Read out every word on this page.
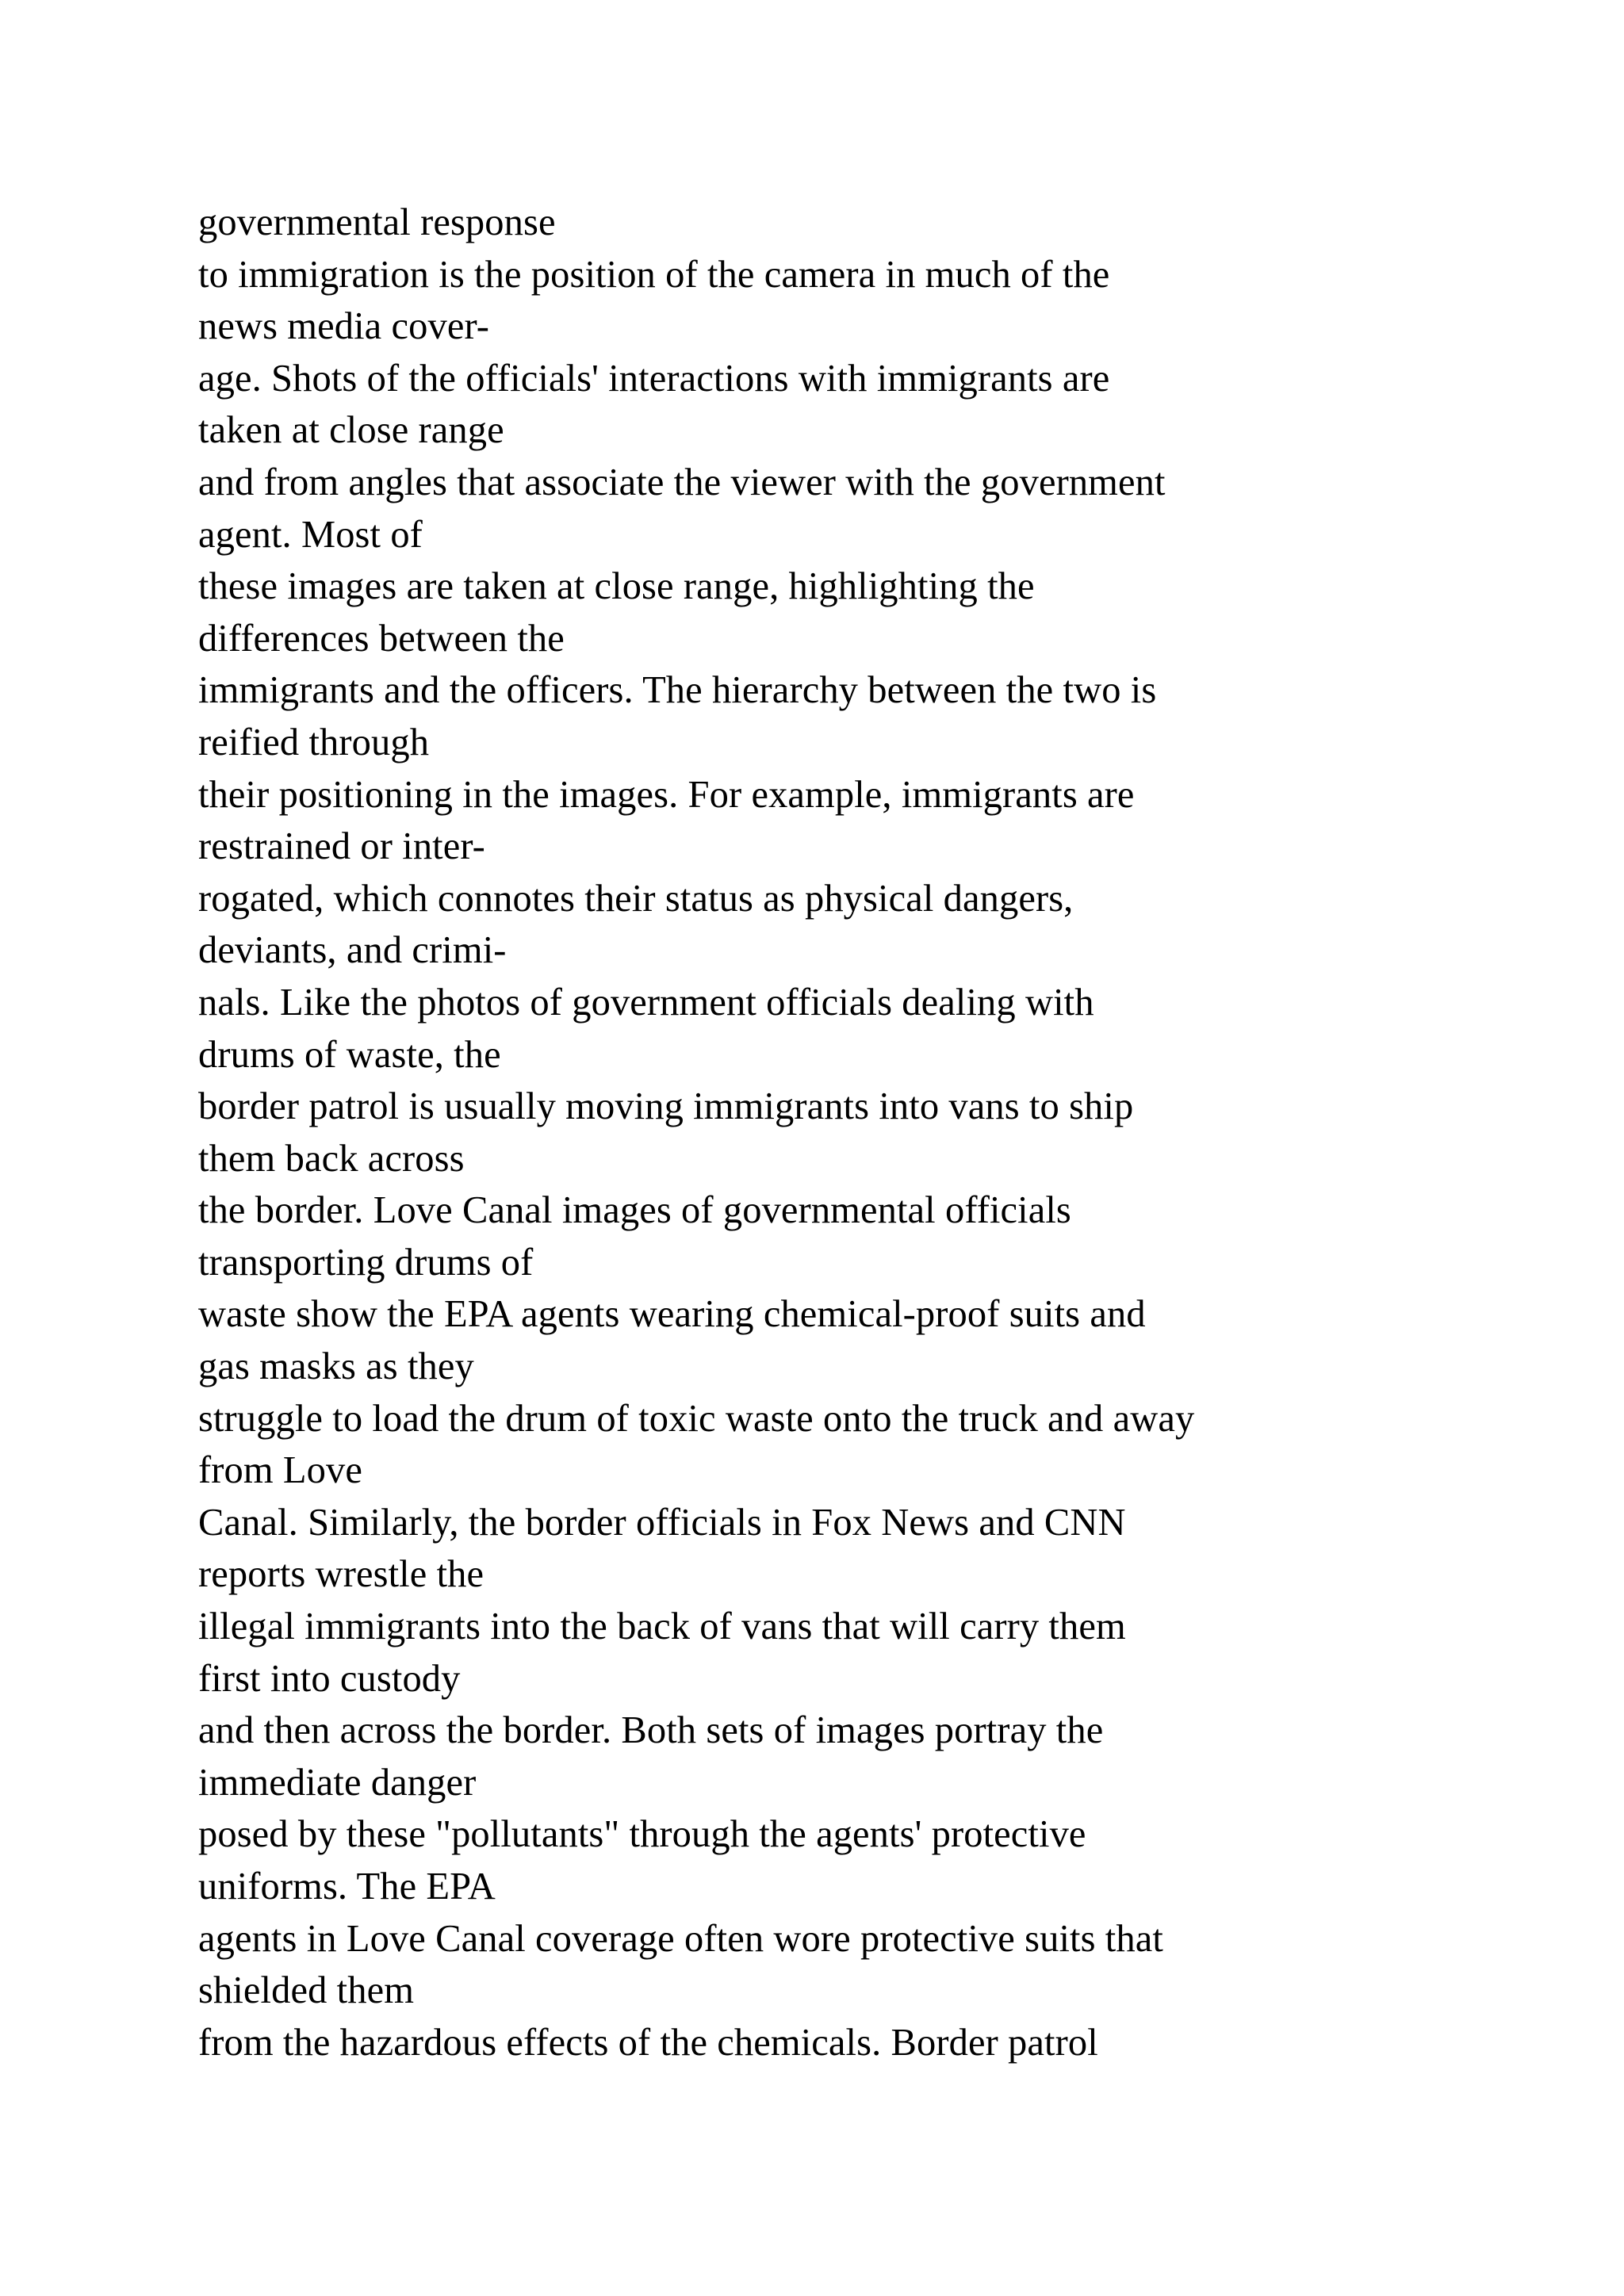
governmental response
to immigration is the position of the camera in much of the
news media cover-
age. Shots of the officials' interactions with immigrants are
taken at close range
and from angles that associate the viewer with the government
agent. Most of
these images are taken at close range, highlighting the
differences between the
immigrants and the officers. The hierarchy between the two is
reified through
their positioning in the images. For example, immigrants are
restrained or inter-
rogated, which connotes their status as physical dangers,
deviants, and crimi-
nals. Like the photos of government officials dealing with
drums of waste, the
border patrol is usually moving immigrants into vans to ship
them back across
the border. Love Canal images of governmental officials
transporting drums of
waste show the EPA agents wearing chemical-proof suits and
gas masks as they
struggle to load the drum of toxic waste onto the truck and away
from Love
Canal. Similarly, the border officials in Fox News and CNN
reports wrestle the
illegal immigrants into the back of vans that will carry them
first into custody
and then across the border. Both sets of images portray the
immediate danger
posed by these "pollutants" through the agents' protective
uniforms. The EPA
agents in Love Canal coverage often wore protective suits that
shielded them
from the hazardous effects of the chemicals. Border patrol
